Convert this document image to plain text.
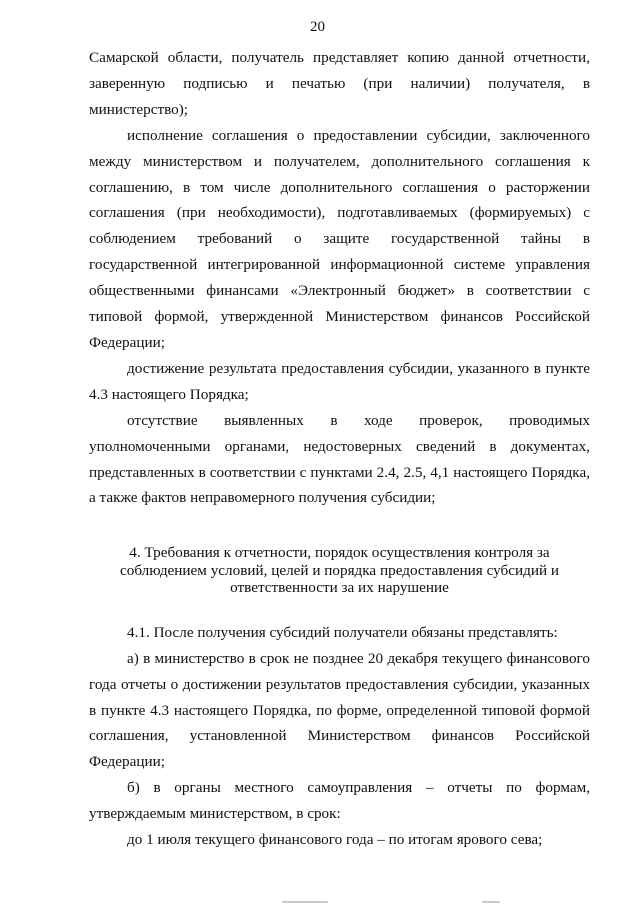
20

Самарской области, получатель представляет копию данной отчетности, заверенную подписью и печатью (при наличии) получателя, в министерство);

исполнение соглашения о предоставлении субсидии, заключенного между министерством и получателем, дополнительного соглашения к соглашению, в том числе дополнительного соглашения о расторжении соглашения (при необходимости), подготавливаемых (формируемых) с соблюдением требований о защите государственной тайны в государственной интегрированной информационной системе управления общественными финансами «Электронный бюджет» в соответствии с типовой формой, утвержденной Министерством финансов Российской Федерации;

достижение результата предоставления субсидии, указанного в пункте 4.3 настоящего Порядка;

отсутствие выявленных в ходе проверок, проводимых уполномоченными органами, недостоверных сведений в документах, представленных в соответствии с пунктами 2.4, 2.5, 4,1 настоящего Порядка, а также фактов неправомерного получения субсидии;

4. Требования к отчетности, порядок осуществления контроля за
соблюдением условий, целей и порядка предоставления субсидий и
ответственности за их нарушение

4.1. После получения субсидий получатели обязаны представлять:

а) в министерство в срок не позднее 20 декабря текущего финансового года отчеты о достижении результатов предоставления субсидии, указанных в пункте 4.3 настоящего Порядка, по форме, определенной типовой формой соглашения, установленной Министерством финансов Российской Федерации;

б) в органы местного самоуправления – отчеты по формам, утверждаемым министерством, в срок:

до 1 июля текущего финансового года – по итогам ярового сева;
